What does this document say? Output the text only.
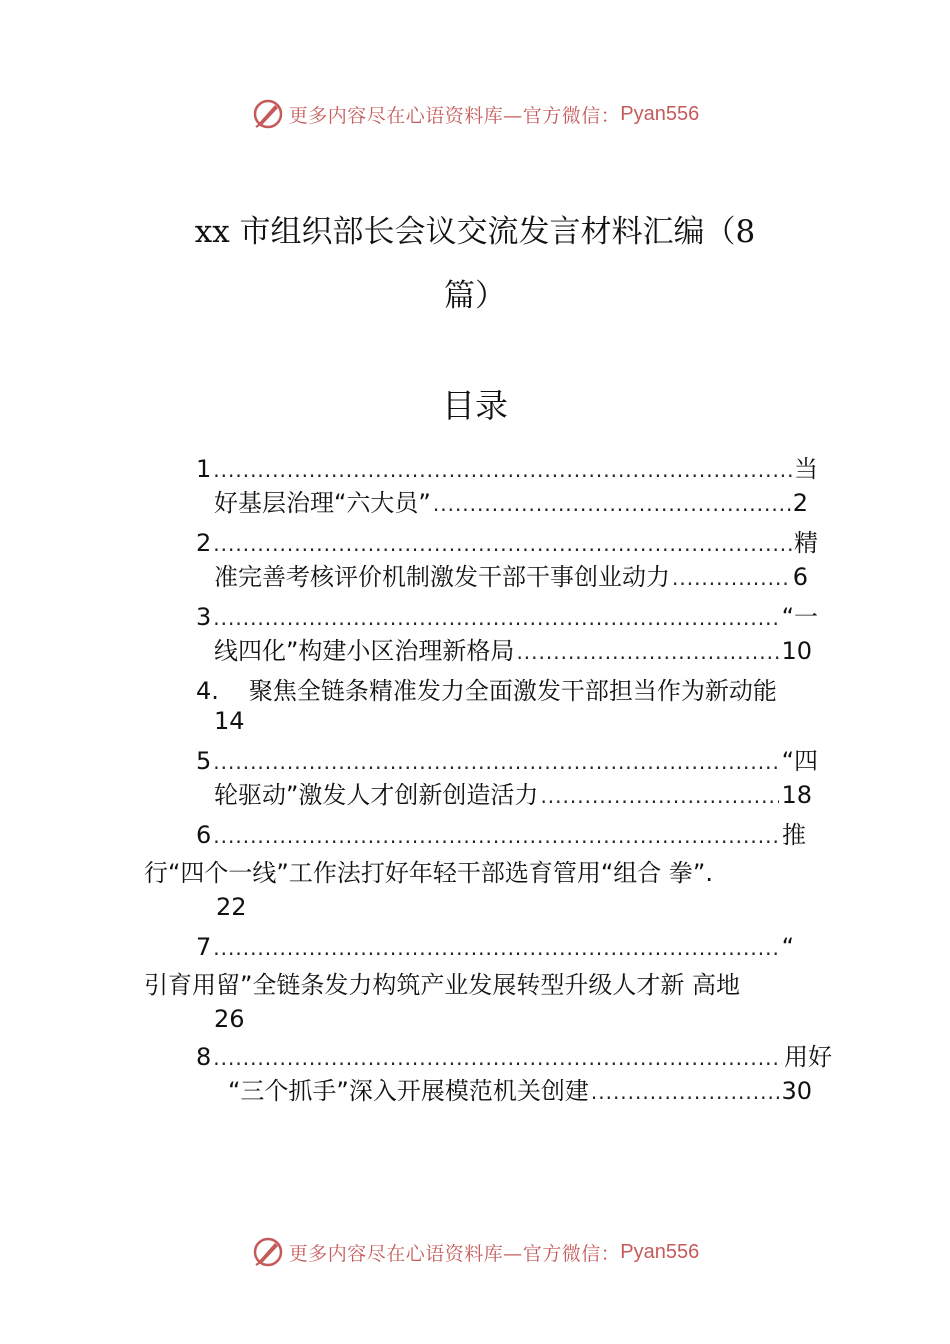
更多内容尽在心语资料库—官方微信： Pyan556
xx 市组织部长会议交流发言材料汇编（8
篇）
目录
1 .....	当
好基层治理“六大员” .....	2
2 .....	精
准完善考核评价机制激发干部干事创业动力 .....	6
3 .....	“一
线四化”构建小区治理新格局 .....	10
4. 聚焦全链条精准发力全面激发干部担当作为新动能
14
5 .....	“四
轮驱动”激发人才创新创造活力 .....	18
6 .....	推
行“四个一线”工作法打好年轻干部选育管用“组合 拳”.
22
7 .....	“
引育用留”全链条发力构筑产业发展转型升级人才新 高地
26
8 .....	用好
“三个抓手”深入开展模范机关创建 .....	30
更多内容尽在心语资料库—官方微信： Pyan556
